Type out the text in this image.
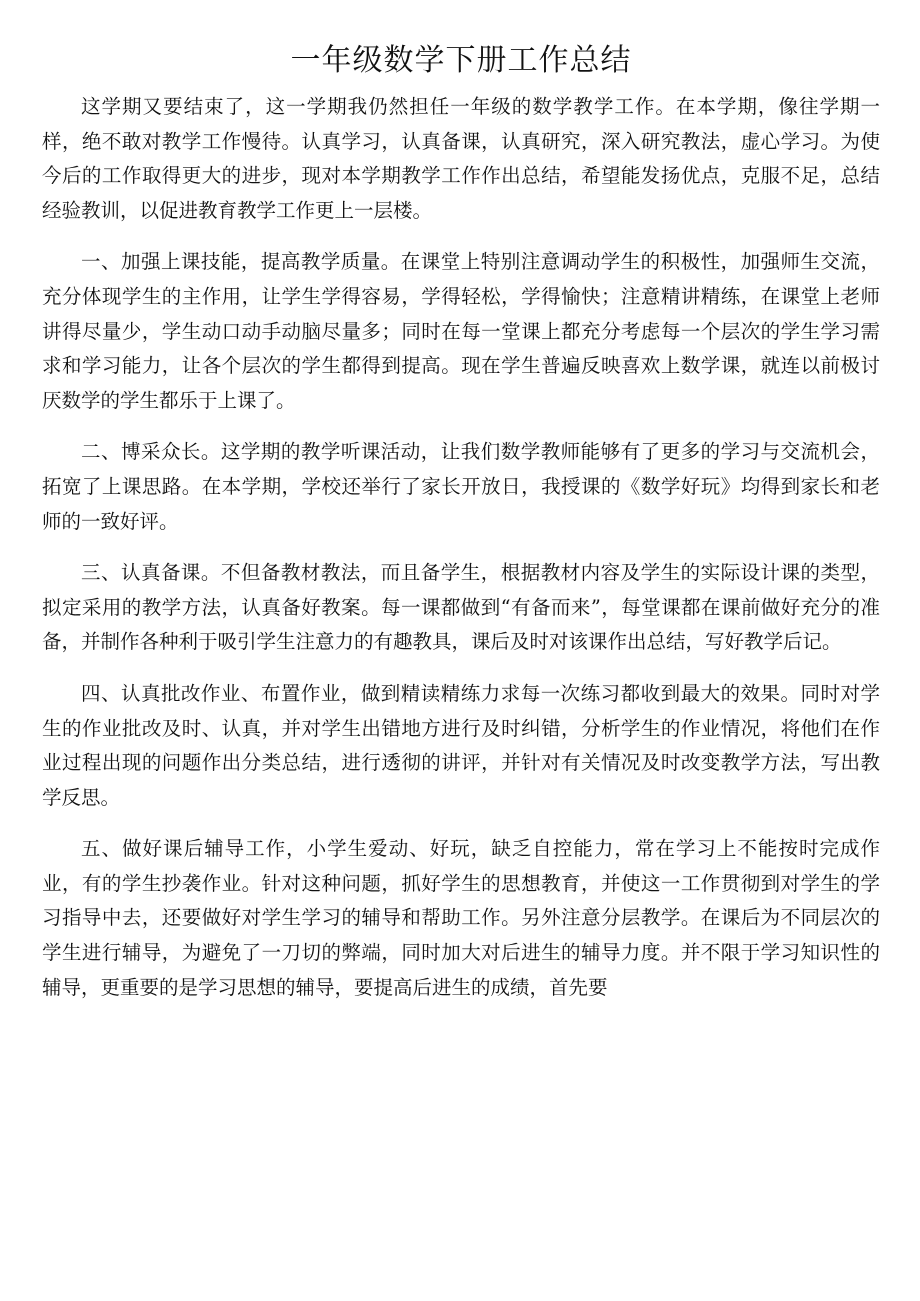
一年级数学下册工作总结

这学期又要结束了，这一学期我仍然担任一年级的数学教学工作。在本学期，像往学期一样，绝不敢对教学工作慢待。认真学习，认真备课，认真研究，深入研究教法，虚心学习。为使今后的工作取得更大的进步，现对本学期教学工作作出总结，希望能发扬优点，克服不足，总结经验教训，以促进教育教学工作更上一层楼。

一、加强上课技能，提高教学质量。在课堂上特别注意调动学生的积极性，加强师生交流，充分体现学生的主作用，让学生学得容易，学得轻松，学得愉快；注意精讲精练，在课堂上老师讲得尽量少，学生动口动手动脑尽量多；同时在每一堂课上都充分考虑每一个层次的学生学习需求和学习能力，让各个层次的学生都得到提高。现在学生普遍反映喜欢上数学课，就连以前极讨厌数学的学生都乐于上课了。

二、博采众长。这学期的教学听课活动，让我们数学教师能够有了更多的学习与交流机会，拓宽了上课思路。在本学期，学校还举行了家长开放日，我授课的《数学好玩》均得到家长和老师的一致好评。

三、认真备课。不但备教材教法，而且备学生，根据教材内容及学生的实际设计课的类型，拟定采用的教学方法，认真备好教案。每一课都做到“有备而来”，每堂课都在课前做好充分的准备，并制作各种利于吸引学生注意力的有趣教具，课后及时对该课作出总结，写好教学后记。

四、认真批改作业、布置作业，做到精读精练力求每一次练习都收到最大的效果。同时对学生的作业批改及时、认真，并对学生出错地方进行及时纠错，分析学生的作业情况，将他们在作业过程出现的问题作出分类总结，进行透彻的讲评，并针对有关情况及时改变教学方法，写出教学反思。

五、做好课后辅导工作，小学生爱动、好玩，缺乏自控能力，常在学习上不能按时完成作业，有的学生抄袭作业。针对这种问题，抓好学生的思想教育，并使这一工作贯彻到对学生的学习指导中去，还要做好对学生学习的辅导和帮助工作。另外注意分层教学。在课后为不同层次的学生进行辅导，为避免了一刀切的弊端，同时加大对后进生的辅导力度。并不限于学习知识性的辅导，更重要的是学习思想的辅导，要提高后进生的成绩，首先要
